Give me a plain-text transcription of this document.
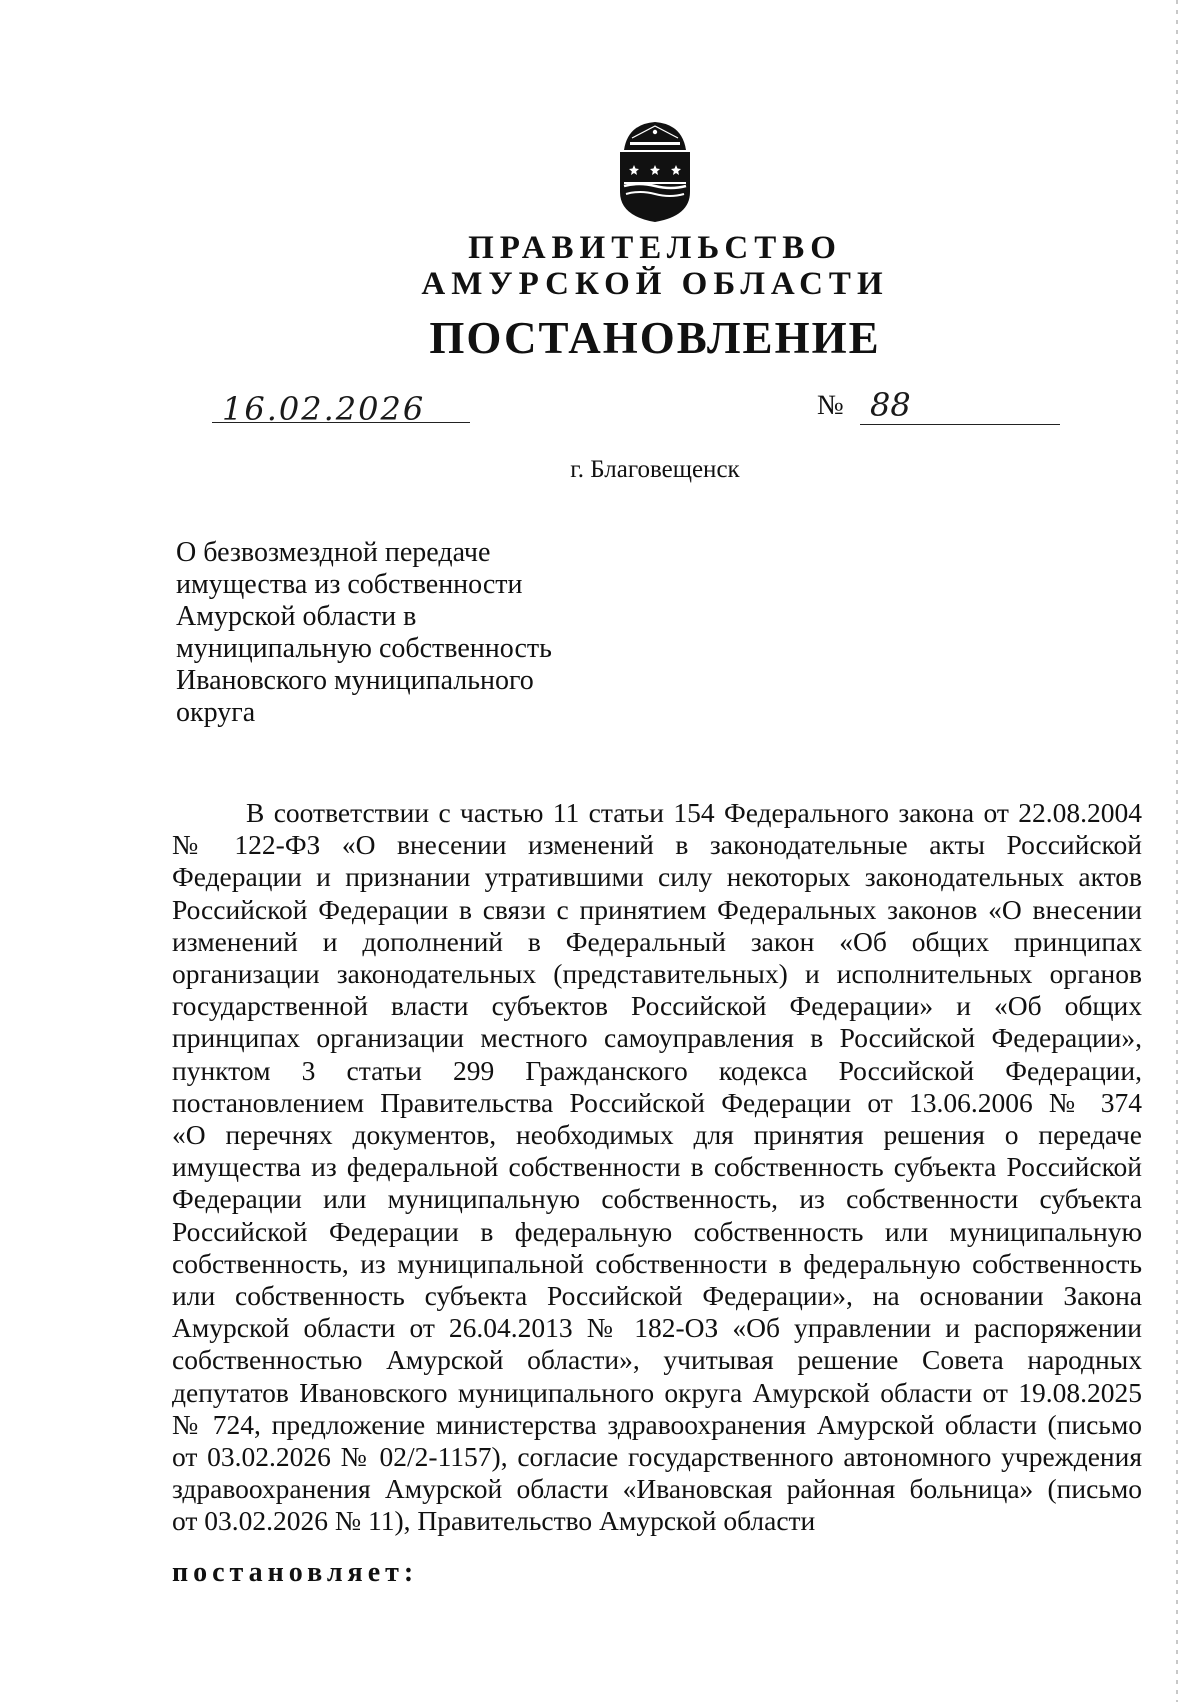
ПРАВИТЕЛЬСТВО
АМУРСКОЙ ОБЛАСТИ
ПОСТАНОВЛЕНИЕ
16.02.2026	№ 88
г. Благовещенск
О безвозмездной передаче
имущества из собственности
Амурской области в
муниципальную собственность
Ивановского муниципального
округа
В соответствии с частью 11 статьи 154 Федерального закона от 22.08.2004
№ 122-ФЗ «О внесении изменений в законодательные акты Российской
Федерации и признании утратившими силу некоторых законодательных актов
Российской Федерации в связи с принятием Федеральных законов «О внесении
изменений и дополнений в Федеральный закон «Об общих принципах
организации законодательных (представительных) и исполнительных органов
государственной власти субъектов Российской Федерации» и «Об общих
принципах организации местного самоуправления в Российской Федерации»,
пунктом 3 статьи 299 Гражданского кодекса Российской Федерации,
постановлением Правительства Российской Федерации от 13.06.2006 № 374
«О перечнях документов, необходимых для принятия решения о передаче
имущества из федеральной собственности в собственность субъекта Российской
Федерации или муниципальную собственность, из собственности субъекта
Российской Федерации в федеральную собственность или муниципальную
собственность, из муниципальной собственности в федеральную собственность
или собственность субъекта Российской Федерации», на основании Закона
Амурской области от 26.04.2013 № 182-ОЗ «Об управлении и распоряжении
собственностью Амурской области», учитывая решение Совета народных
депутатов Ивановского муниципального округа Амурской области от 19.08.2025
№ 724, предложение министерства здравоохранения Амурской области (письмо
от 03.02.2026 № 02/2-1157), согласие государственного автономного учреждения
здравоохранения Амурской области «Ивановская районная больница» (письмо
от 03.02.2026 № 11), Правительство Амурской области
постановляет:
